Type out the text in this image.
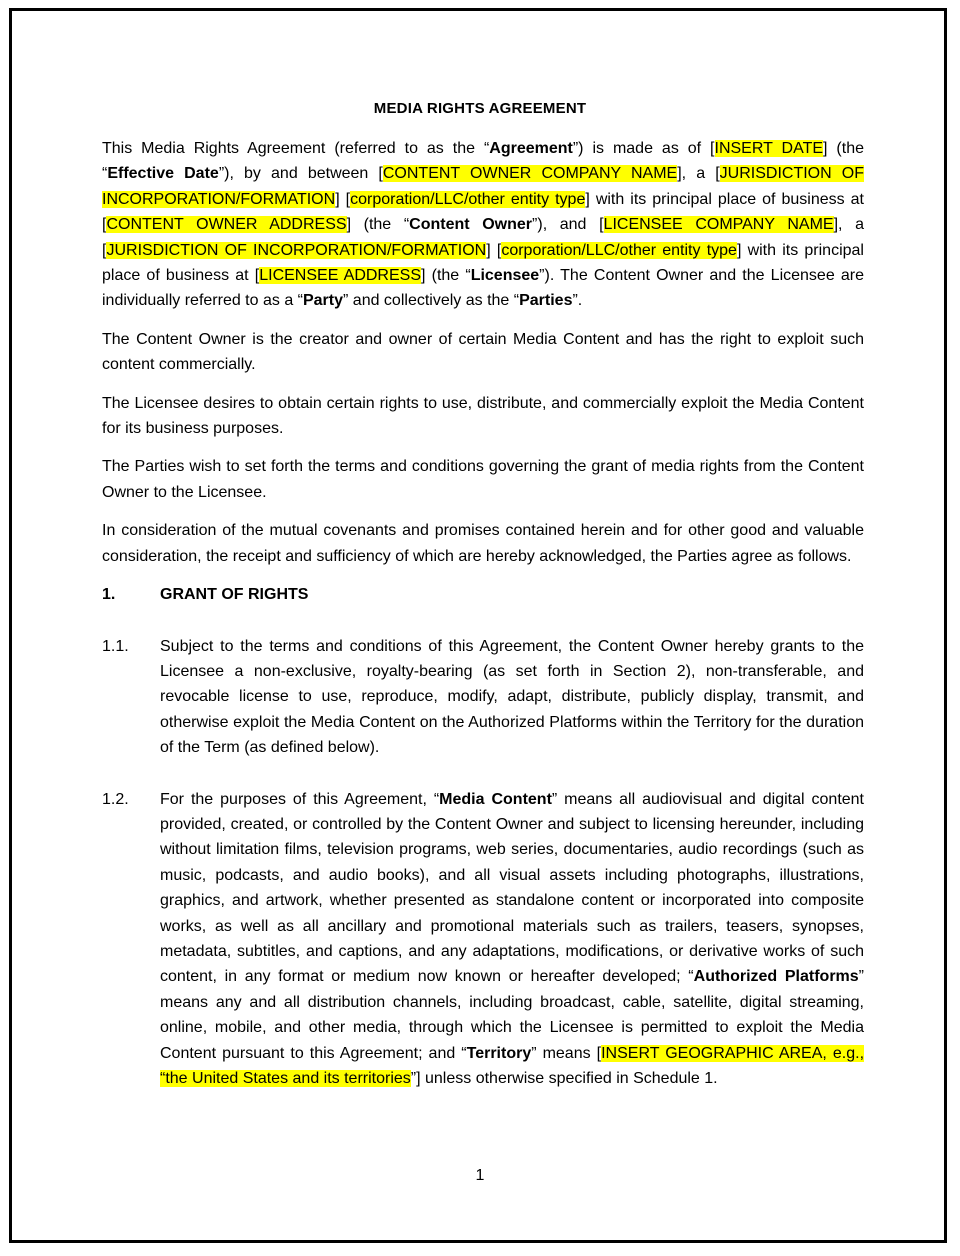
MEDIA RIGHTS AGREEMENT

This Media Rights Agreement (referred to as the “Agreement”) is made as of [INSERT DATE] (the “Effective Date”), by and between [CONTENT OWNER COMPANY NAME], a [JURISDICTION OF INCORPORATION/FORMATION] [corporation/LLC/other entity type] with its principal place of business at [CONTENT OWNER ADDRESS] (the “Content Owner”), and [LICENSEE COMPANY NAME], a [JURISDICTION OF INCORPORATION/FORMATION] [corporation/LLC/other entity type] with its principal place of business at [LICENSEE ADDRESS] (the “Licensee”). The Content Owner and the Licensee are individually referred to as a “Party” and collectively as the “Parties”.

The Content Owner is the creator and owner of certain Media Content and has the right to exploit such content commercially.

The Licensee desires to obtain certain rights to use, distribute, and commercially exploit the Media Content for its business purposes.

The Parties wish to set forth the terms and conditions governing the grant of media rights from the Content Owner to the Licensee.

In consideration of the mutual covenants and promises contained herein and for other good and valuable consideration, the receipt and sufficiency of which are hereby acknowledged, the Parties agree as follows.

1.	GRANT OF RIGHTS
1.1.	Subject to the terms and conditions of this Agreement, the Content Owner hereby grants to the Licensee a non-exclusive, royalty-bearing (as set forth in Section 2), non-transferable, and revocable license to use, reproduce, modify, adapt, distribute, publicly display, transmit, and otherwise exploit the Media Content on the Authorized Platforms within the Territory for the duration of the Term (as defined below).
1.2.	For the purposes of this Agreement, “Media Content” means all audiovisual and digital content provided, created, or controlled by the Content Owner and subject to licensing hereunder, including without limitation films, television programs, web series, documentaries, audio recordings (such as music, podcasts, and audio books), and all visual assets including photographs, illustrations, graphics, and artwork, whether presented as standalone content or incorporated into composite works, as well as all ancillary and promotional materials such as trailers, teasers, synopses, metadata, subtitles, and captions, and any adaptations, modifications, or derivative works of such content, in any format or medium now known or hereafter developed; “Authorized Platforms” means any and all distribution channels, including broadcast, cable, satellite, digital streaming, online, mobile, and other media, through which the Licensee is permitted to exploit the Media Content pursuant to this Agreement; and “Territory” means [INSERT GEOGRAPHIC AREA, e.g., “the United States and its territories”] unless otherwise specified in Schedule 1.
1
